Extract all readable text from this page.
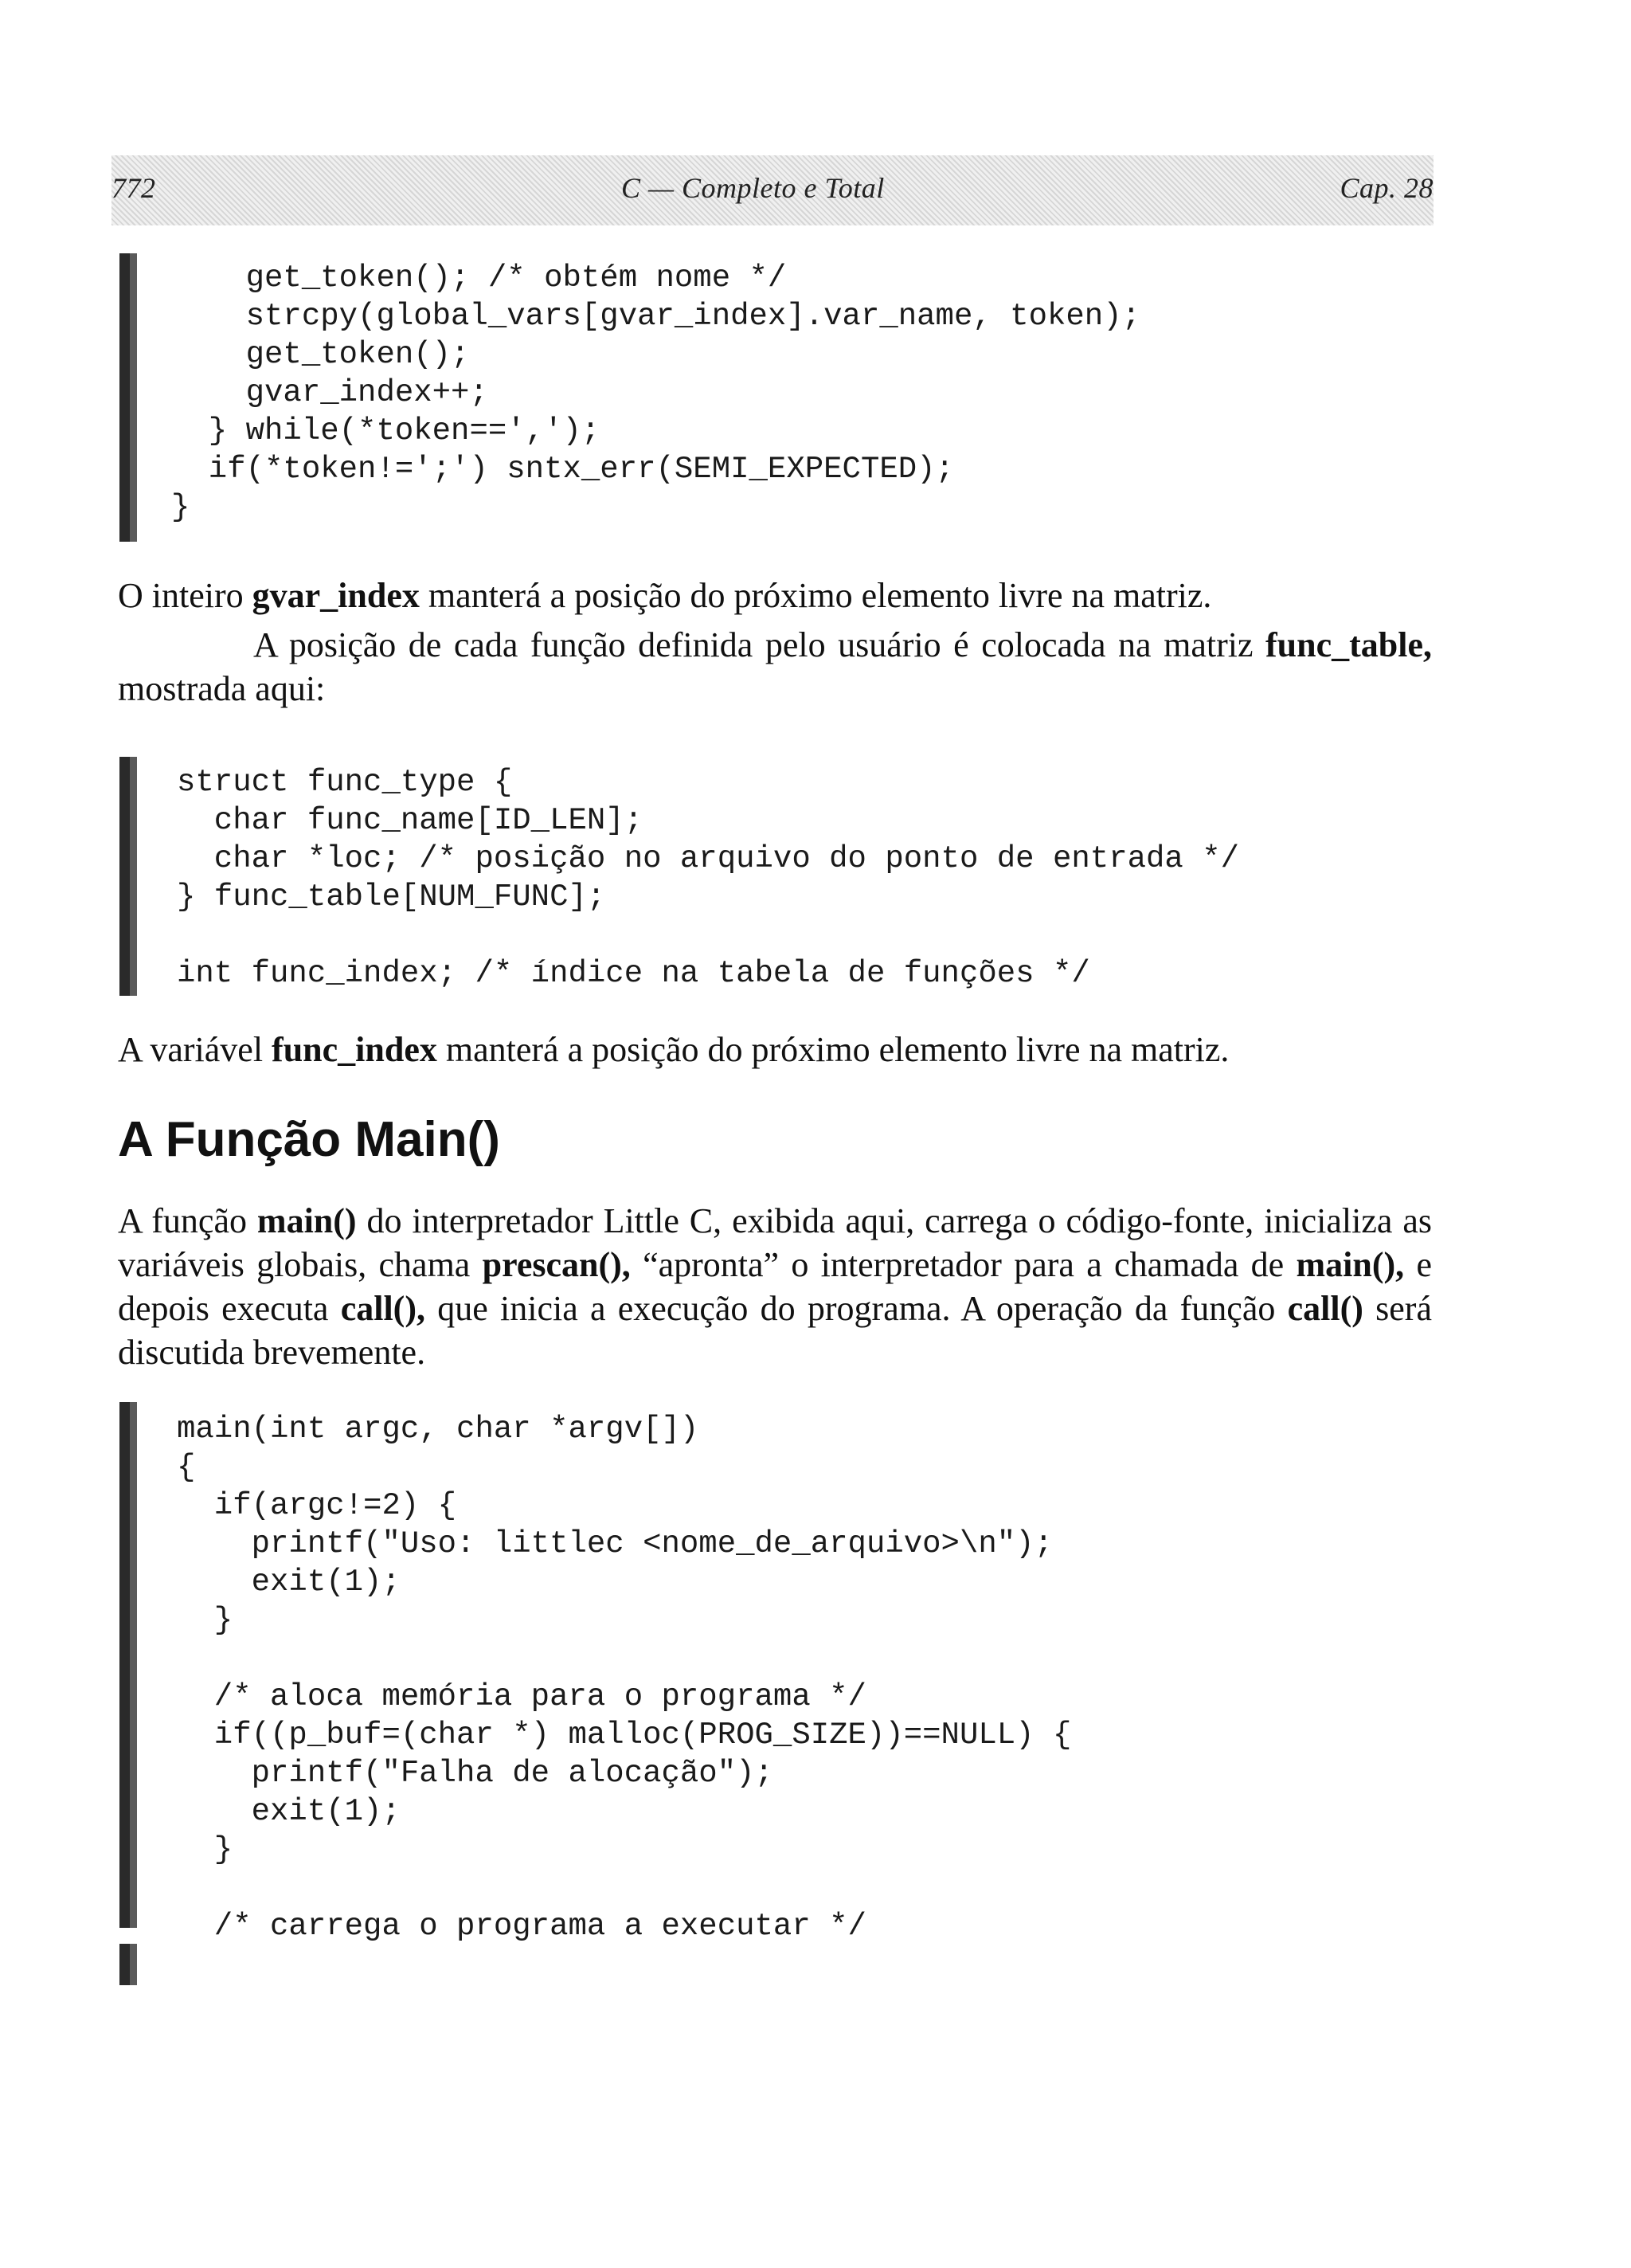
772	C — Completo e Total	Cap. 28
get_token(); /* obtém nome */
strcpy(global_vars[gvar_index].var_name, token);
get_token();
gvar_index++;
} while(*token==',');
if(*token!=';') sntx_err(SEMI_EXPECTED);
}

O inteiro gvar_index manterá a posição do próximo elemento livre na matriz.

A posição de cada função definida pelo usuário é colocada na matriz func_table, mostrada aqui:

struct func_type {
char func_name[ID_LEN];
char *loc; /* posição no arquivo do ponto de entrada */
} func_table[NUM_FUNC];

int func_index; /* índice na tabela de funções */

A variável func_index manterá a posição do próximo elemento livre na matriz.

A Função Main()

A função main() do interpretador Little C, exibida aqui, carrega o código-fonte, inicializa as variáveis globais, chama prescan(), “apronta” o interpretador para a chamada de main(), e depois executa call(), que inicia a execução do programa. A operação da função call() será discutida brevemente.

main(int argc, char *argv[])
{
if(argc!=2) {
printf("Uso: littlec <nome_de_arquivo>\n");
exit(1);
}

/* aloca memória para o programa */
if((p_buf=(char *) malloc(PROG_SIZE))==NULL) {
printf("Falha de alocação");
exit(1);
}

/* carrega o programa a executar */
